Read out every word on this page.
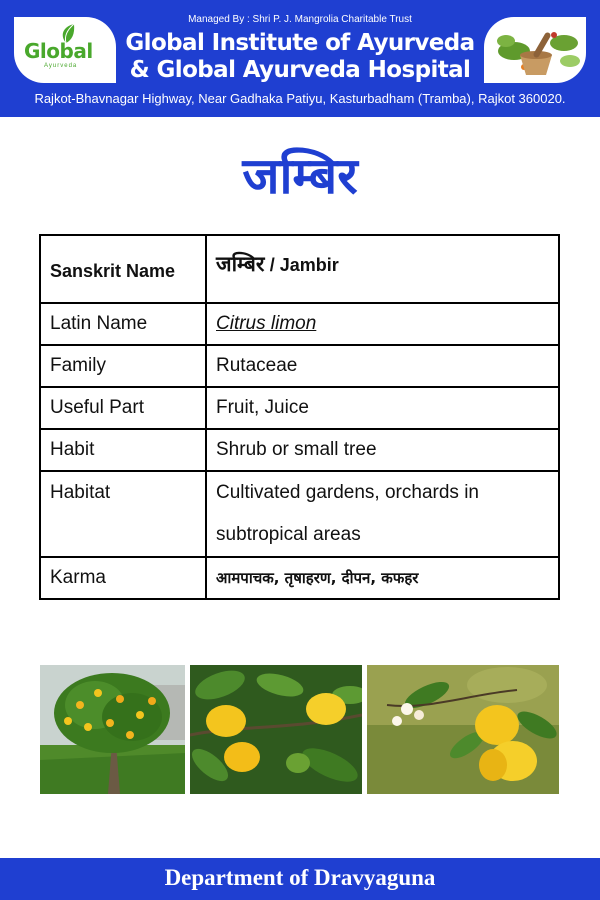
Global
Ayurveda
Managed By : Shri P. J. Mangrolia Charitable Trust
Global Institute of Ayurveda
& Global Ayurveda Hospital
Rajkot-Bhavnagar Highway, Near Gadhaka Patiyu, Kasturbadham (Tramba), Rajkot 360020.
जम्बिर
Sanskrit Name	जम्बिर / Jambir
Latin Name	Citrus limon
Family	Rutaceae
Useful Part	Fruit, Juice
Habit	Shrub or small tree
Habitat	Cultivated gardens, orchards in subtropical areas
Karma	आमपाचक, तृषाहरण, दीपन, कफहर
Department of Dravyaguna
